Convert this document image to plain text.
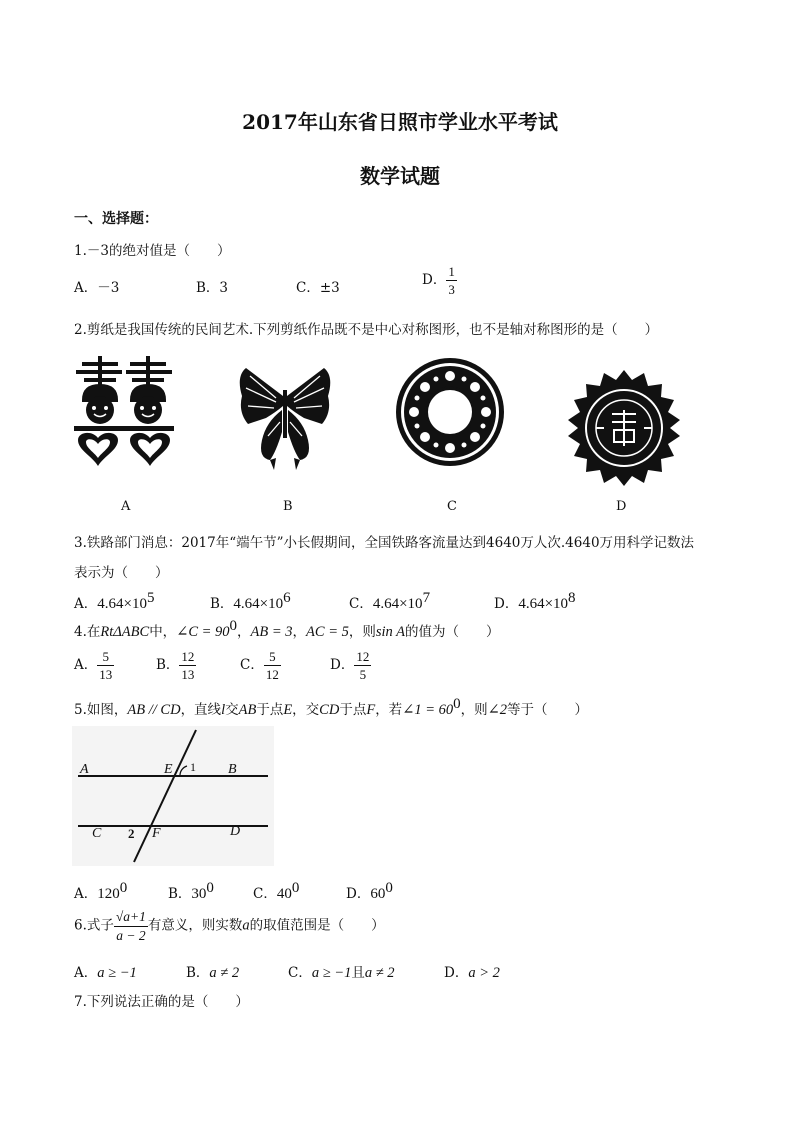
2017年山东省日照市学业水平考试
数学试题
一、选择题：
1.－3的绝对值是（　　）
A．－3	B．3	C．±3	D． $\frac{1}{3}$
2.剪纸是我国传统的民间艺术.下列剪纸作品既不是中心对称图形，也不是轴对称图形的是（　　）
A	B	C	D
3.铁路部门消息：2017年“端午节”小长假期间，全国铁路客流量达到4640万人次.4640万用科学记数法
表示为（　　）
A．$4.64\times 10^5$	B．$4.64\times 10^6$	C．$4.64\times 10^7$	D．$4.64\times 10^8$
4.在RtΔABC中，∠C = $90^0$，AB = 3，AC = 5，则sin A的值为（　　）
A． $\frac{5}{13}$	B． $\frac{12}{13}$	C． $\frac{5}{12}$	D． $\frac{12}{5}$
5.如图，AB // CD，直线l交AB于点E，交CD于点F，若∠1 = $60^0$，则∠2等于（　　）
A	E 1 B
C 2 F	D
A．$120^0$	B．$30^0$	C．$40^0$	D．$60^0$
6.式子 $\frac{√a+1}{a - 2}$ 有意义，则实数a的取值范围是（　　）
A．a ≥ −1	B．a ≠ 2	C．a ≥ −1且a ≠ 2	D．a > 2
7.下列说法正确的是（　　）
